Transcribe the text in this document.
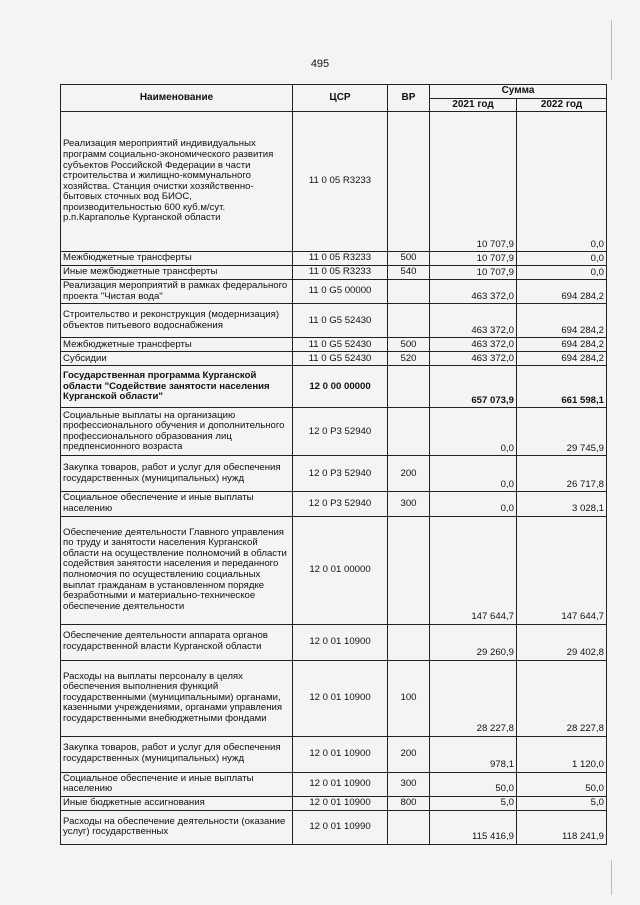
495
Наименование	ЦСР	ВР	Сумма	
			2021 год	2022 год
Реализация мероприятий индивидуальных программ социально-экономического развития субъектов Российской Федерации в части строительства и жилищно-коммунального хозяйства. Станция очистки хозяйственно-бытовых сточных вод БИОС, производительностью 600 куб.м/сут. р.п.Каргаполье Курганской области	11 0 05 R3233		10 707,9	0,0
Межбюджетные трансферты	11 0 05 R3233	500	10 707,9	0,0
Иные межбюджетные трансферты	11 0 05 R3233	540	10 707,9	0,0
Реализация мероприятий в рамках федерального проекта "Чистая вода"	11 0 G5 00000		463 372,0	694 284,2
Строительство и реконструкция (модернизация) объектов питьевого водоснабжения	11 0 G5 52430		463 372,0	694 284,2
Межбюджетные трансферты	11 0 G5 52430	500	463 372,0	694 284,2
Субсидии	11 0 G5 52430	520	463 372,0	694 284,2
Государственная программа Курганской области "Содействие занятости населения Курганской области"	12 0 00 00000		657 073,9	661 598,1
Социальные выплаты на организацию профессионального обучения и дополнительного профессионального образования лиц предпенсионного возраста	12 0 P3 52940		0,0	29 745,9
Закупка товаров, работ и услуг для обеспечения государственных (муниципальных) нужд	12 0 P3 52940	200	0,0	26 717,8
Социальное обеспечение и иные выплаты населению	12 0 P3 52940	300	0,0	3 028,1
Обеспечение деятельности Главного управления по труду и занятости населения Курганской области на осуществление полномочий в области содействия занятости населения и переданного полномочия по осуществлению социальных выплат гражданам в установленном порядке безработными и материально-техническое обеспечение деятельности	12 0 01 00000		147 644,7	147 644,7
Обеспечение деятельности аппарата органов государственной власти Курганской области	12 0 01 10900		29 260,9	29 402,8
Расходы на выплаты персоналу в целях обеспечения выполнения функций государственными (муниципальными) органами, казенными учреждениями, органами управления государственными внебюджетными фондами	12 0 01 10900	100	28 227,8	28 227,8
Закупка товаров, работ и услуг для обеспечения государственных (муниципальных) нужд	12 0 01 10900	200	978,1	1 120,0
Социальное обеспечение и иные выплаты населению	12 0 01 10900	300	50,0	50,0
Иные бюджетные ассигнования	12 0 01 10900	800	5,0	5,0
Расходы на обеспечение деятельности (оказание услуг) государственных	12 0 01 10990		115 416,9	118 241,9
